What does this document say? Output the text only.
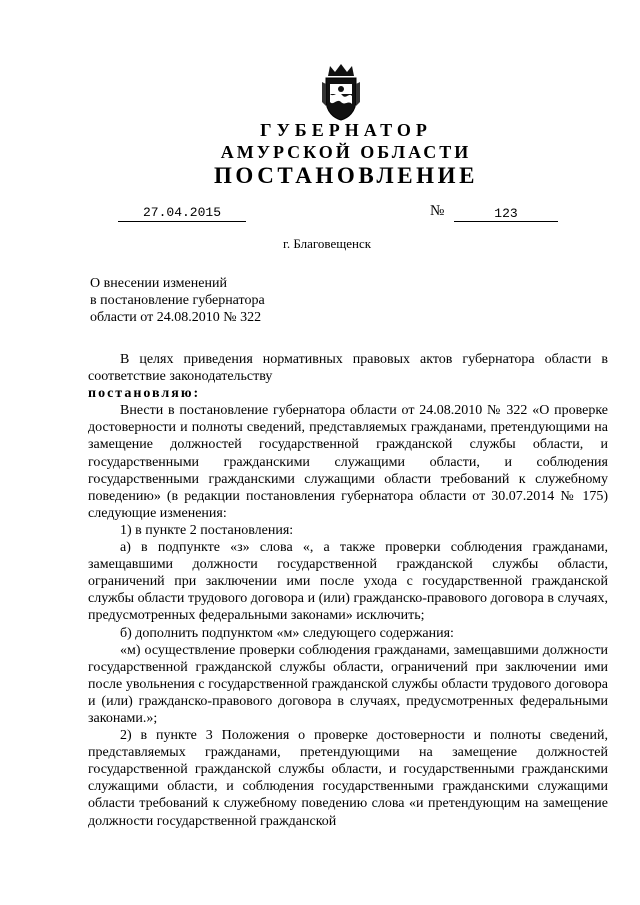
ГУБЕРНАТОР
АМУРСКОЙ ОБЛАСТИ
ПОСТАНОВЛЕНИЕ
27.04.2015	№	123
г. Благовещенск
О внесении изменений
в постановление губернатора
области от 24.08.2010 № 322
В целях приведения нормативных правовых актов губернатора области в соответствие законодательству
постановляю:
Внести в постановление губернатора области от 24.08.2010 № 322 «О проверке достоверности и полноты сведений, представляемых гражданами, претендующими на замещение должностей государственной гражданской службы области, и государственными гражданскими служащими области, и соблюдения государственными гражданскими служащими области требований к служебному поведению» (в редакции постановления губернатора области от 30.07.2014 № 175) следующие изменения:
1) в пункте 2 постановления:
а) в подпункте «з» слова «, а также проверки соблюдения гражданами, замещавшими должности государственной гражданской службы области, ограничений при заключении ими после ухода с государственной гражданской службы области трудового договора и (или) гражданско-правового договора в случаях, предусмотренных федеральными законами» исключить;
б) дополнить подпунктом «м» следующего содержания:
«м) осуществление проверки соблюдения гражданами, замещавшими должности государственной гражданской службы области, ограничений при заключении ими после увольнения с государственной гражданской службы области трудового договора и (или) гражданско-правового договора в случаях, предусмотренных федеральными законами.»;
2) в пункте 3 Положения о проверке достоверности и полноты сведений, представляемых гражданами, претендующими на замещение должностей государственной гражданской службы области, и государственными гражданскими служащими области, и соблюдения государственными гражданскими служащими области требований к служебному поведению слова «и претендующим на замещение должности государственной гражданской
